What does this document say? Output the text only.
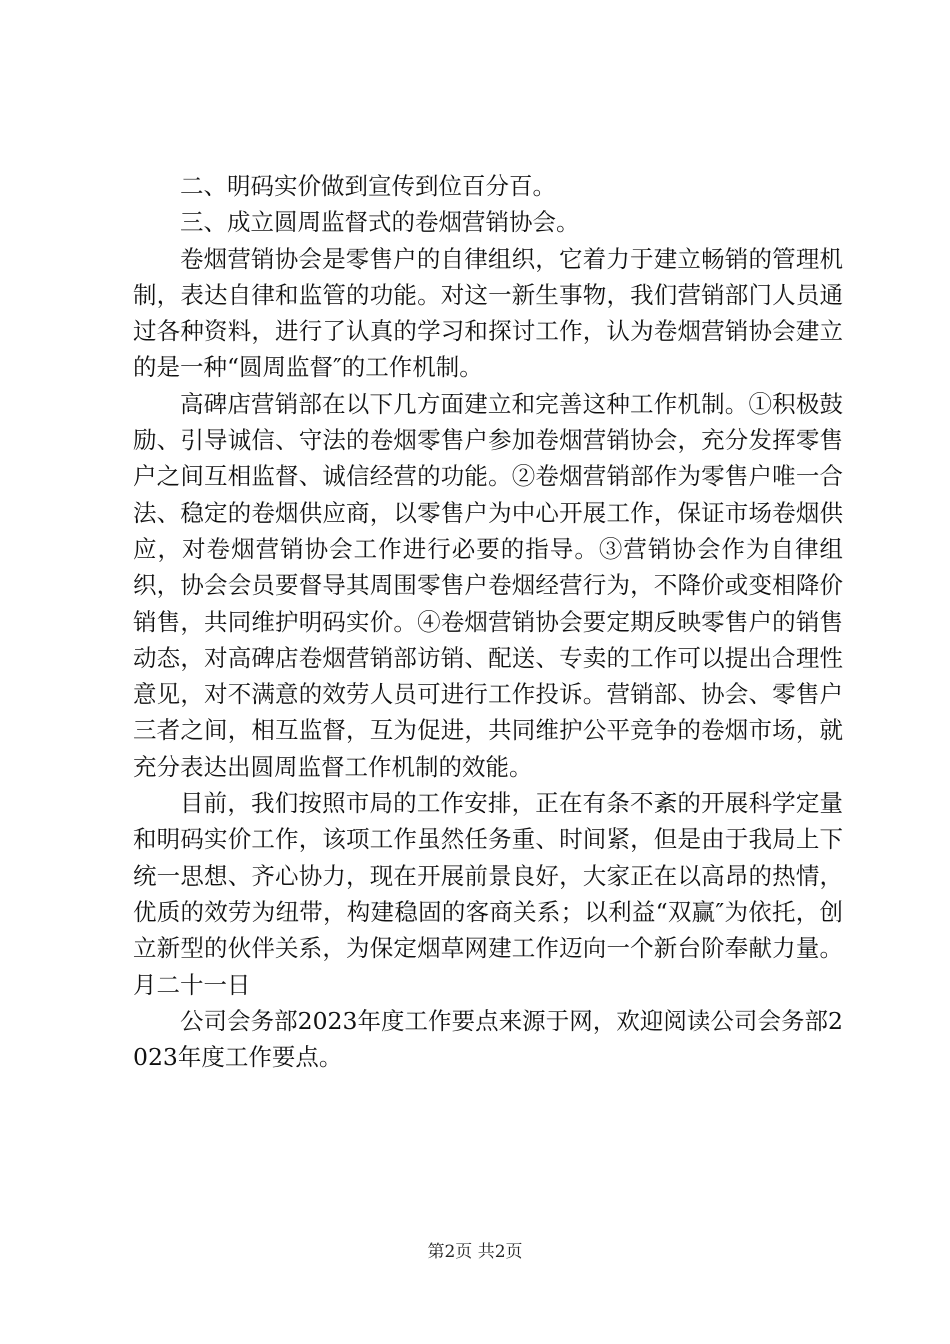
二、明码实价做到宣传到位百分百。

三、成立圆周监督式的卷烟营销协会。

卷烟营销协会是零售户的自律组织，它着力于建立畅销的管理机制，表达自律和监管的功能。对这一新生事物，我们营销部门人员通过各种资料，进行了认真的学习和探讨工作，认为卷烟营销协会建立的是一种“圆周监督″的工作机制。

高碑店营销部在以下几方面建立和完善这种工作机制。①积极鼓励、引导诚信、守法的卷烟零售户参加卷烟营销协会，充分发挥零售户之间互相监督、诚信经营的功能。②卷烟营销部作为零售户唯一合法、稳定的卷烟供应商，以零售户为中心开展工作，保证市场卷烟供应，对卷烟营销协会工作进行必要的指导。③营销协会作为自律组织，协会会员要督导其周围零售户卷烟经营行为，不降价或变相降价销售，共同维护明码实价。④卷烟营销协会要定期反映零售户的销售动态，对高碑店卷烟营销部访销、配送、专卖的工作可以提出合理性意见，对不满意的效劳人员可进行工作投诉。营销部、协会、零售户三者之间，相互监督，互为促进，共同维护公平竞争的卷烟市场，就充分表达出圆周监督工作机制的效能。

目前，我们按照市局的工作安排，正在有条不紊的开展科学定量和明码实价工作，该项工作虽然任务重、时间紧，但是由于我局上下统一思想、齐心协力，现在开展前景良好，大家正在以高昂的热情，优质的效劳为纽带，构建稳固的客商关系；以利益“双赢″为依托，创立新型的伙伴关系，为保定烟草网建工作迈向一个新台阶奉献力量。月二十一日

公司会务部2023年度工作要点来源于网，欢迎阅读公司会务部2023年度工作要点。

第2页 共2页
